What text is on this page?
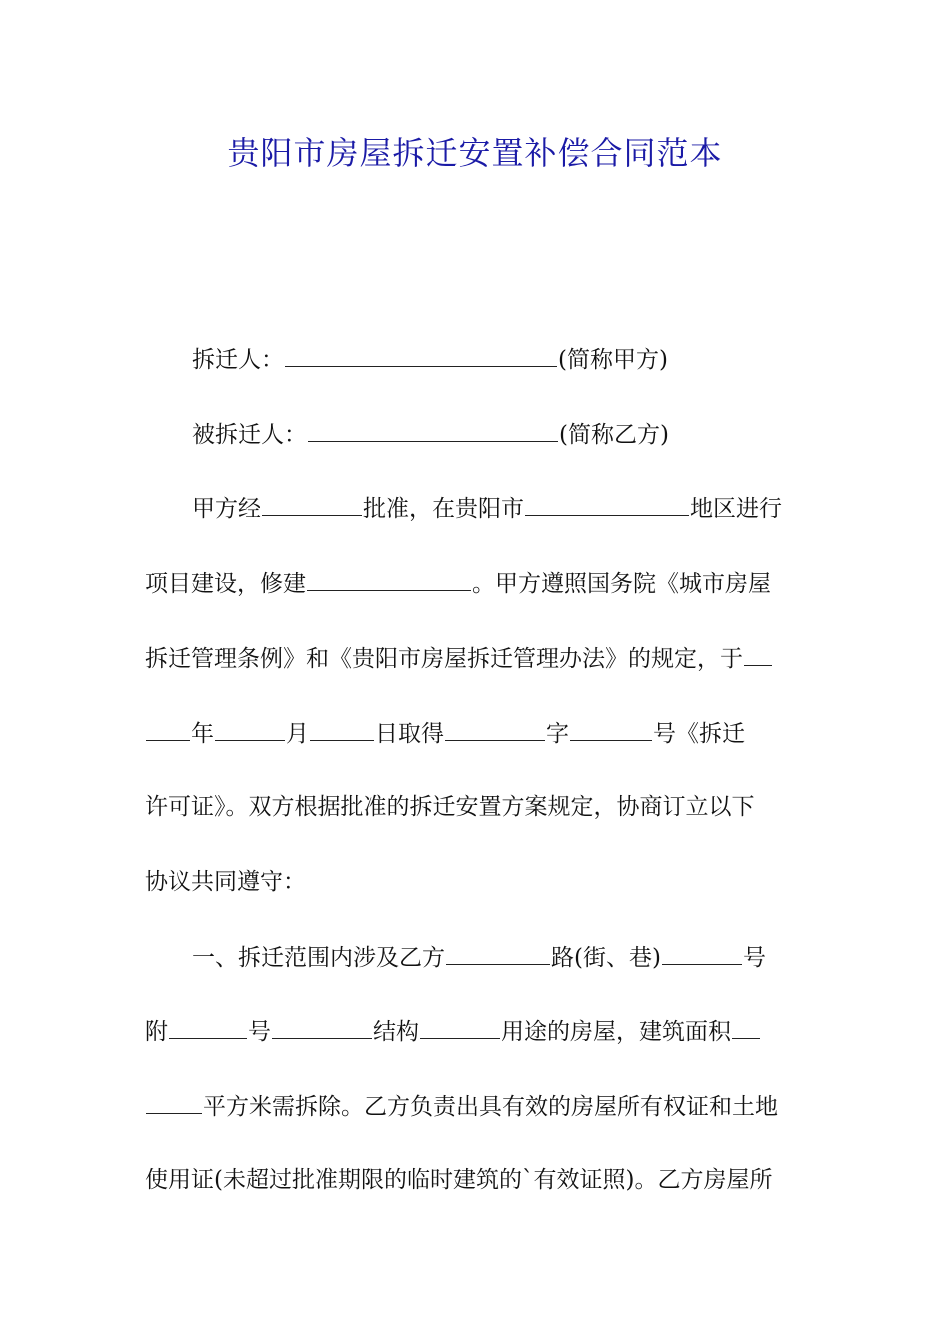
贵阳市房屋拆迁安置补偿合同范本
拆迁人：	(简称甲方)
被拆迁人：	(简称乙方)
甲方经	批准，在贵阳市	地区进行
项目建设，修建	。甲方遵照国务院《城市房屋
拆迁管理条例》和《贵阳市房屋拆迁管理办法》的规定，于
年	月	日取得	字	号《拆迁
许可证》。双方根据批准的拆迁安置方案规定，协商订立以下
协议共同遵守：
一、拆迁范围内涉及乙方	路(街、巷)	号
附	号	结构	用途的房屋，建筑面积
平方米需拆除。乙方负责出具有效的房屋所有权证和土地
使用证(未超过批准期限的临时建筑的`有效证照)。乙方房屋所
